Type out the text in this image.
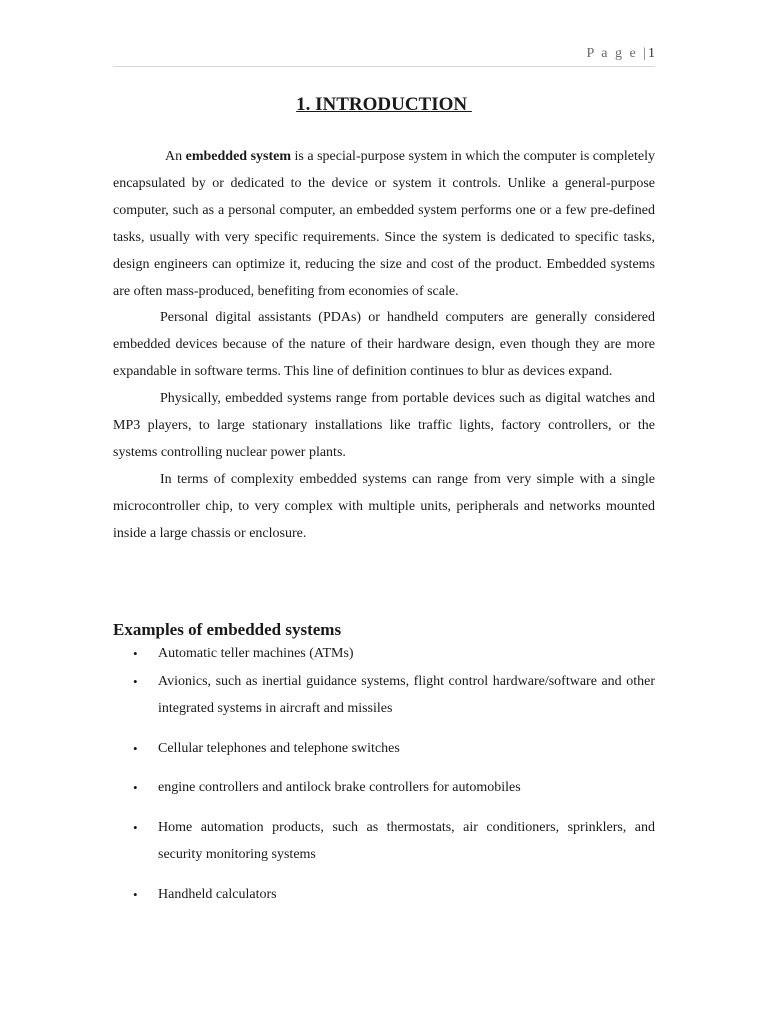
P a g e |1
1. INTRODUCTION

An embedded system is a special-purpose system in which the computer is completely encapsulated by or dedicated to the device or system it controls. Unlike a general-purpose computer, such as a personal computer, an embedded system performs one or a few pre-defined tasks, usually with very specific requirements. Since the system is dedicated to specific tasks, design engineers can optimize it, reducing the size and cost of the product. Embedded systems are often mass-produced, benefiting from economies of scale.

Personal digital assistants (PDAs) or handheld computers are generally considered embedded devices because of the nature of their hardware design, even though they are more expandable in software terms. This line of definition continues to blur as devices expand.

Physically, embedded systems range from portable devices such as digital watches and MP3 players, to large stationary installations like traffic lights, factory controllers, or the systems controlling nuclear power plants.

In terms of complexity embedded systems can range from very simple with a single microcontroller chip, to very complex with multiple units, peripherals and networks mounted inside a large chassis or enclosure.

Examples of embedded systems
• Automatic teller machines (ATMs)
• Avionics, such as inertial guidance systems, flight control hardware/software and other integrated systems in aircraft and missiles
• Cellular telephones and telephone switches
• engine controllers and antilock brake controllers for automobiles
• Home automation products, such as thermostats, air conditioners, sprinklers, and security monitoring systems
• Handheld calculators
